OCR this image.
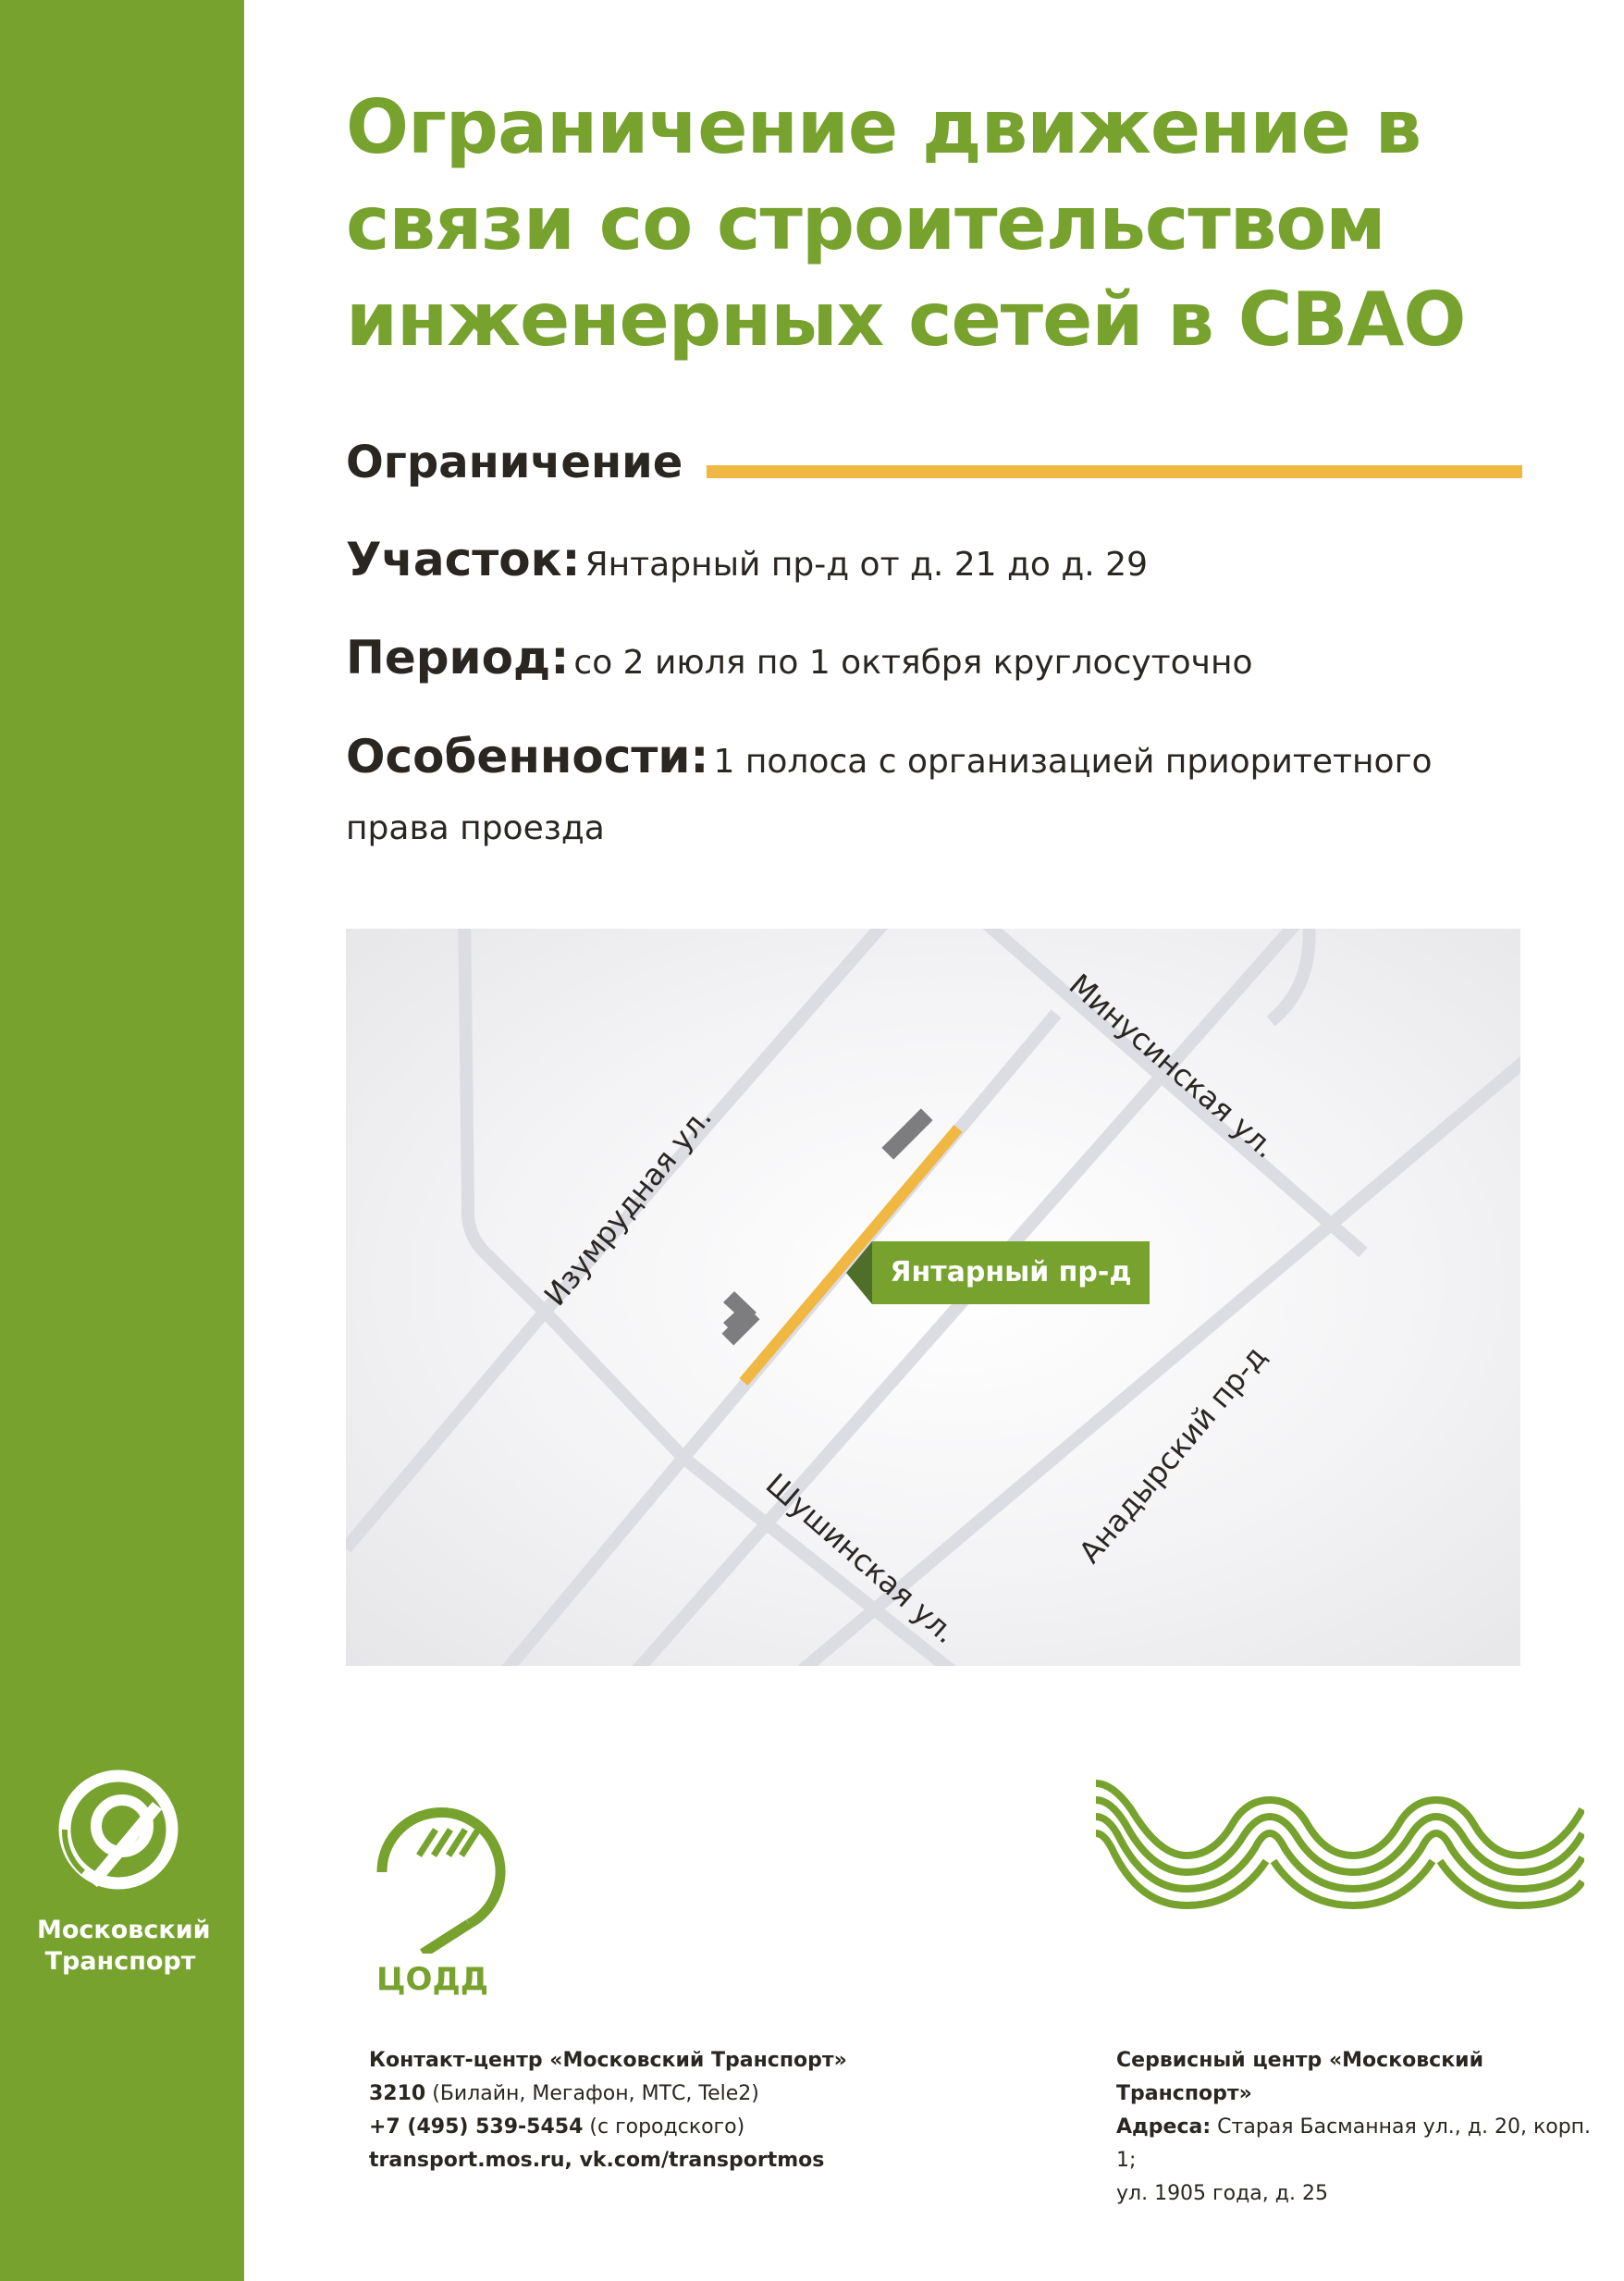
Московский
Транспорт
Ограничение движение в связи со строительством инженерных сетей в СВАО
Ограничение
Участок: Янтарный пр-д от д. 21 до д. 29
Период: со 2 июля по 1 октября круглосуточно
Особенности: 1 полоса с организацией приоритетного
права проезда
Изумрудная ул.
Минусинская ул.
Шушинская ул.	Анадырский пр-д
Янтарный пр-д
ЦОДД
Контакт-центр «Московский Транспорт»
3210 (Билайн, Мегафон, МТС, Tele2)
+7 (495) 539-5454 (с городского)
transport.mos.ru, vk.com/transportmos
Сервисный центр «Московский Транспорт»
Адреса: Старая Басманная ул., д. 20, корп. 1;
ул. 1905 года, д. 25
